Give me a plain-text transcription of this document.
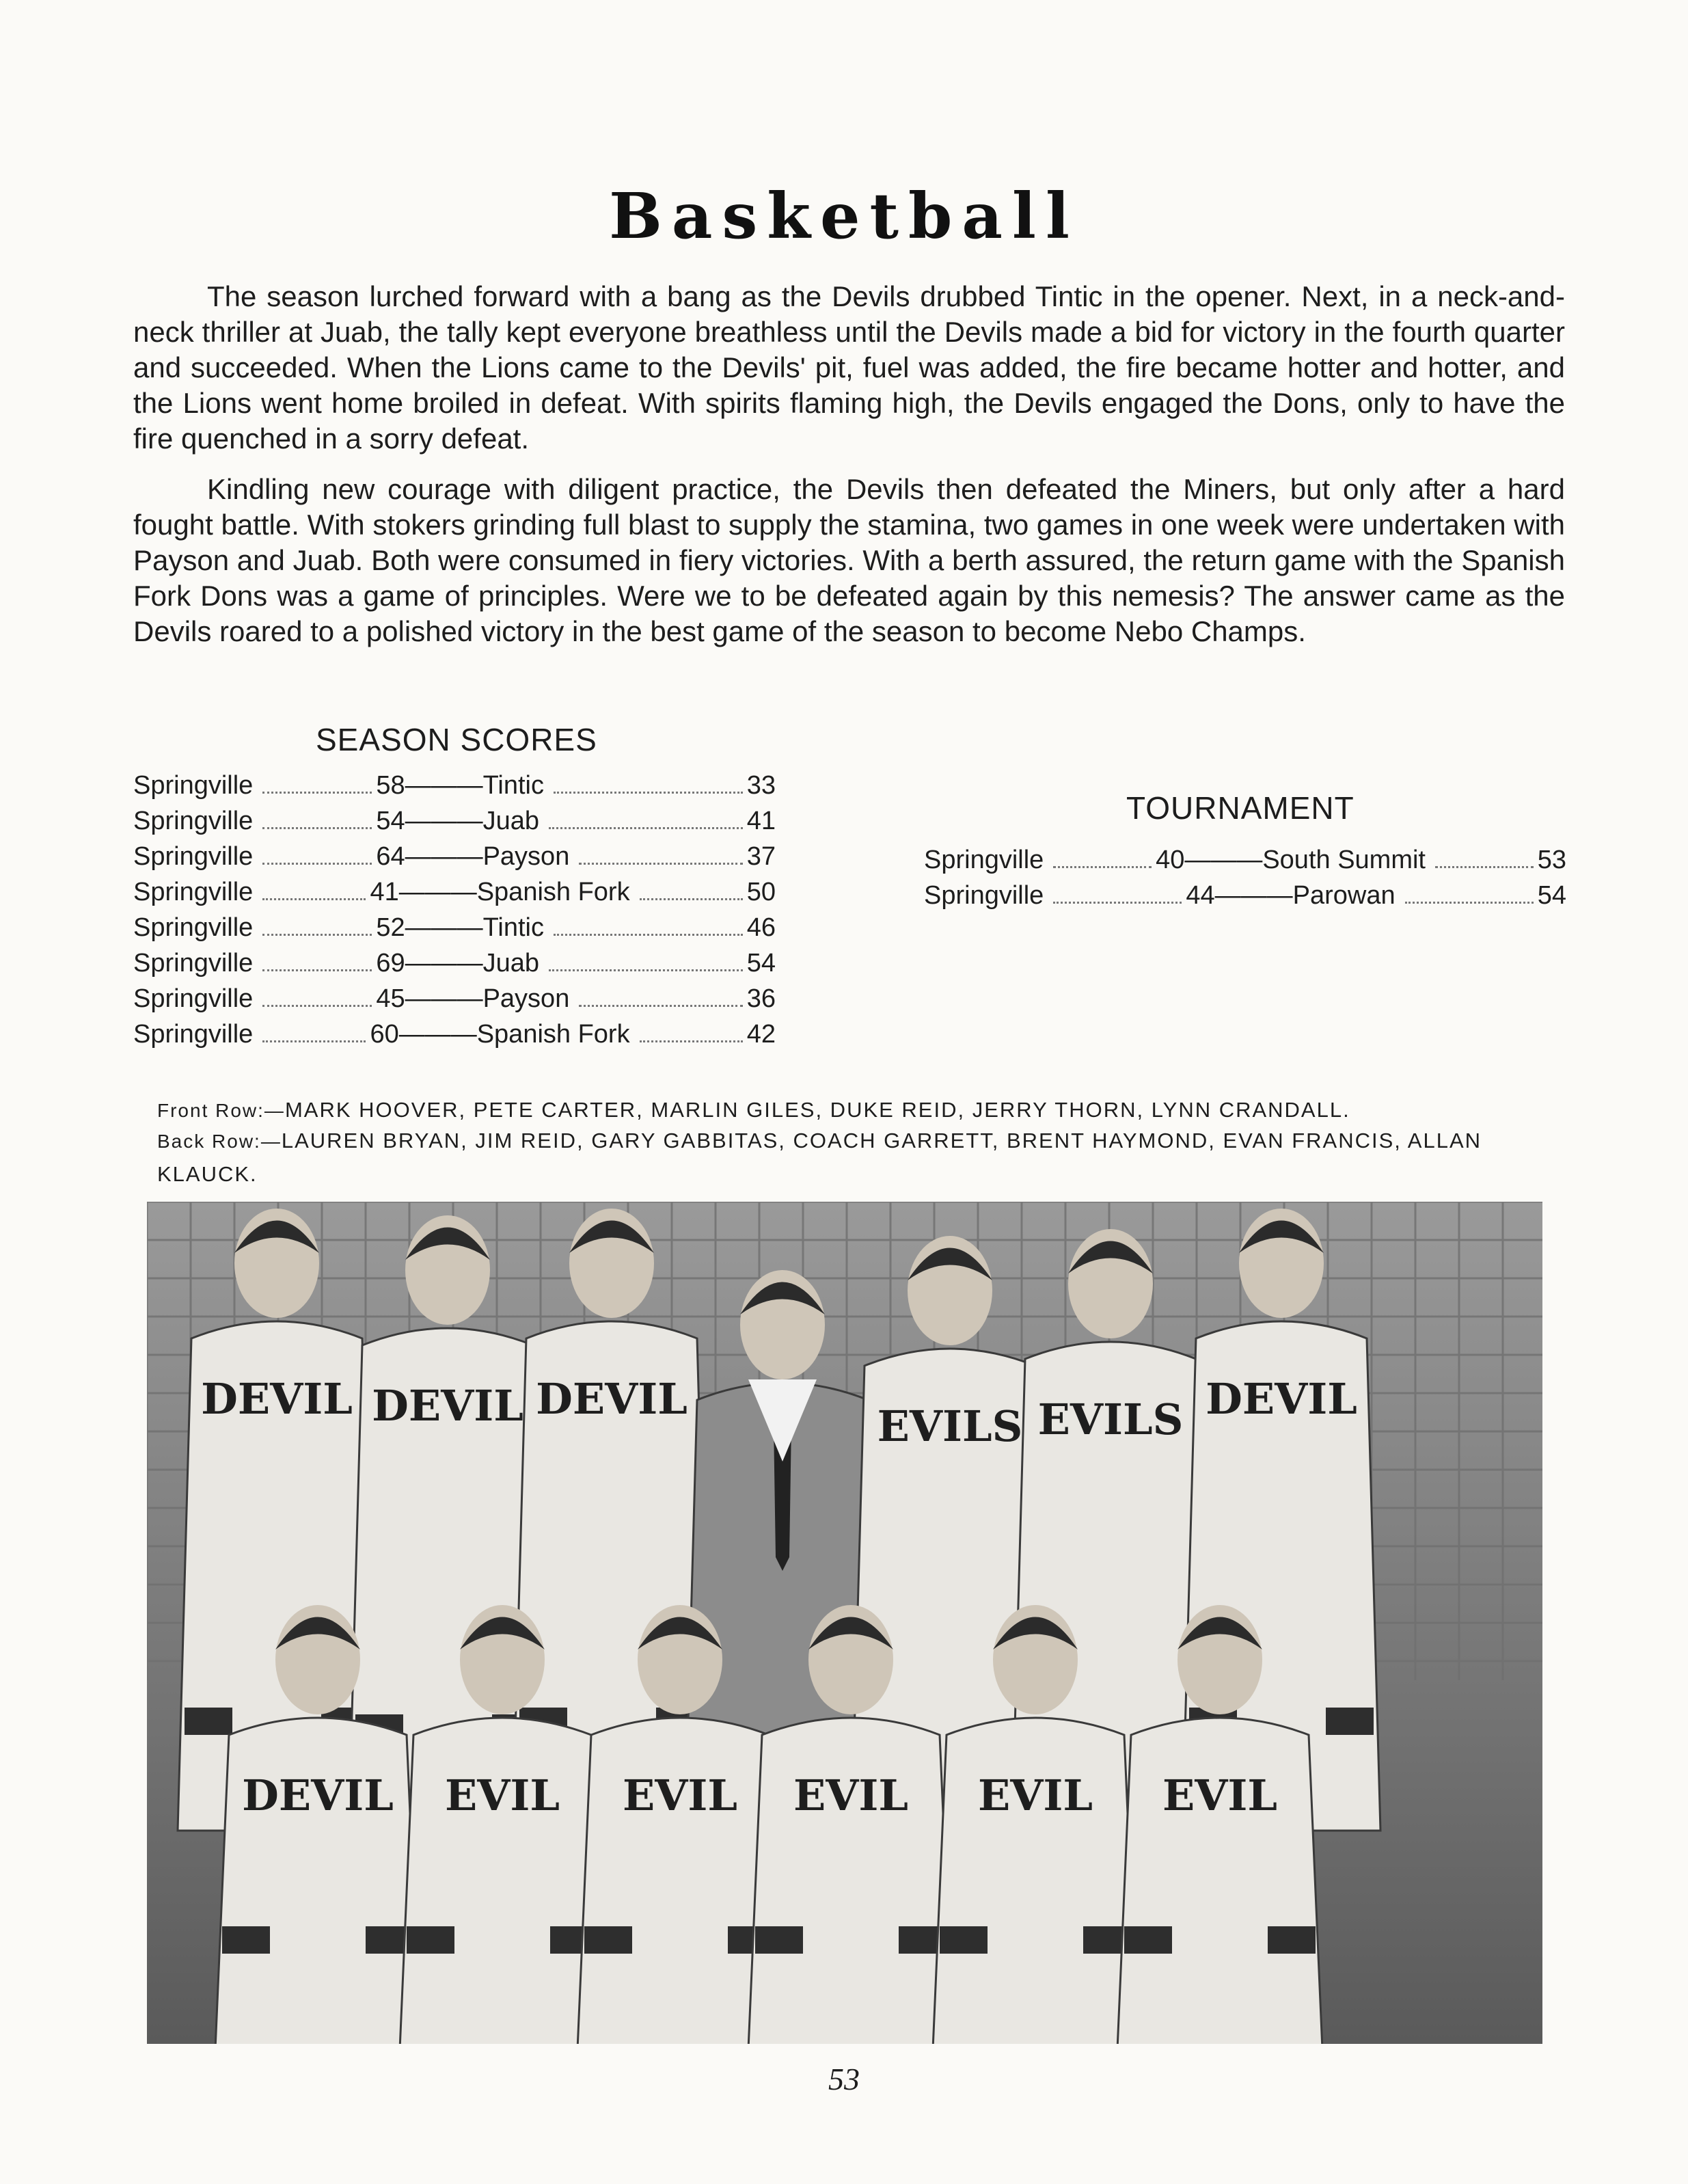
Basketball

The season lurched forward with a bang as the Devils drubbed Tintic in the opener. Next, in a neck-and-neck thriller at Juab, the tally kept everyone breathless until the Devils made a bid for victory in the fourth quarter and succeeded. When the Lions came to the Devils' pit, fuel was added, the fire became hotter and hotter, and the Lions went home broiled in defeat. With spirits flaming high, the Devils engaged the Dons, only to have the fire quenched in a sorry defeat.

Kindling new courage with diligent practice, the Devils then defeated the Miners, but only after a hard fought battle. With stokers grinding full blast to supply the stamina, two games in one week were undertaken with Payson and Juab. Both were consumed in fiery victories. With a berth assured, the return game with the Spanish Fork Dons was a game of principles. Were we to be defeated again by this nemesis? The answer came as the Devils roared to a polished victory in the best game of the season to become Nebo Champs.

SEASON SCORES
Springville	58———Tintic	33
Springville	54———Juab	41
Springville	64———Payson	37
Springville	41———Spanish Fork	50
Springville	52———Tintic	46
Springville	69———Juab	54
Springville	45———Payson	36
Springville	60———Spanish Fork	42
TOURNAMENT
Springville	40———South Summit	53
Springville	44———Parowan	54

Front Row:—MARK HOOVER, PETE CARTER, MARLIN GILES, DUKE REID, JERRY THORN, LYNN CRANDALL.

Back Row:—LAUREN BRYAN, JIM REID, GARY GABBITAS, COACH GARRETT, BRENT HAYMOND, EVAN FRANCIS, ALLAN KLAUCK.

DEVIL DEVIL DEVIL
EVILS EVILS DEVIL
DEVIL EVIL EVIL EVIL EVIL EVIL
53
